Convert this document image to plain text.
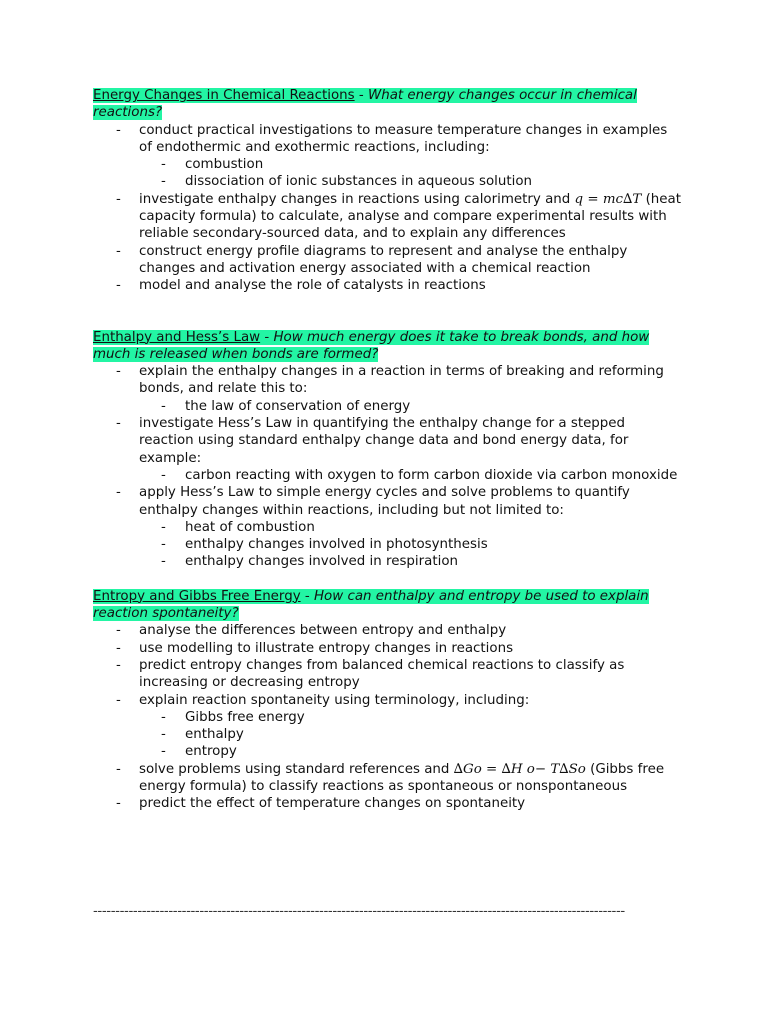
Energy Changes in Chemical Reactions - What energy changes occur in chemical reactions?

- conduct practical investigations to measure temperature changes in examples of endothermic and exothermic reactions, including:
- combustion
- dissociation of ionic substances in aqueous solution
- investigate enthalpy changes in reactions using calorimetry and q = mc∆T (heat capacity formula) to calculate, analyse and compare experimental results with reliable secondary-sourced data, and to explain any differences
- construct energy profile diagrams to represent and analyse the enthalpy changes and activation energy associated with a chemical reaction
- model and analyse the role of catalysts in reactions

Enthalpy and Hess’s Law - How much energy does it take to break bonds, and how much is released when bonds are formed?

- explain the enthalpy changes in a reaction in terms of breaking and reforming bonds, and relate this to:
- the law of conservation of energy
- investigate Hess’s Law in quantifying the enthalpy change for a stepped reaction using standard enthalpy change data and bond energy data, for example:
- carbon reacting with oxygen to form carbon dioxide via carbon monoxide
- apply Hess’s Law to simple energy cycles and solve problems to quantify enthalpy changes within reactions, including but not limited to:
- heat of combustion
- enthalpy changes involved in photosynthesis
- enthalpy changes involved in respiration

Entropy and Gibbs Free Energy - How can enthalpy and entropy be used to explain reaction spontaneity?

- analyse the differences between entropy and enthalpy
- use modelling to illustrate entropy changes in reactions
- predict entropy changes from balanced chemical reactions to classify as increasing or decreasing entropy
- explain reaction spontaneity using terminology, including:
- Gibbs free energy
- enthalpy
- entropy
- solve problems using standard references and ∆Go = ∆H o− T∆So (Gibbs free energy formula) to classify reactions as spontaneous or nonspontaneous
- predict the effect of temperature changes on spontaneity
------------------------------------------------------------------------------------------------------------------------
